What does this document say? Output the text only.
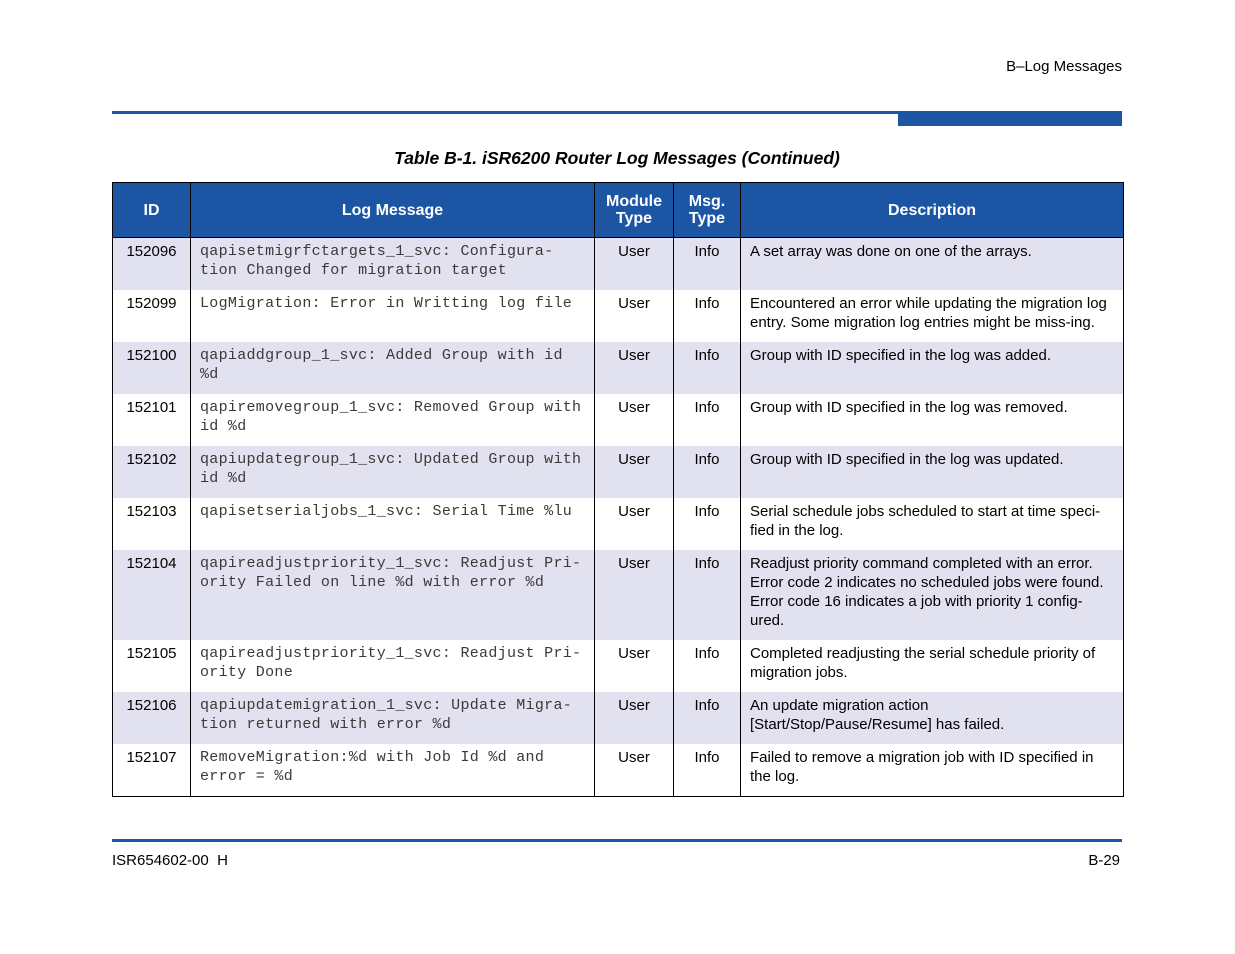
B–Log Messages
Table B-1. iSR6200 Router Log Messages (Continued)
ID	Log Message	Module Type	Msg. Type	Description
152096	qapisetmigrfctargets_1_svc: Configura-tion Changed for migration target	User	Info	A set array was done on one of the arrays.
152099	LogMigration: Error in Writting log file	User	Info	Encountered an error while updating the migration log entry. Some migration log entries might be miss-ing.
152100	qapiaddgroup_1_svc: Added Group with id %d	User	Info	Group with ID specified in the log was added.
152101	qapiremovegroup_1_svc: Removed Group with id %d	User	Info	Group with ID specified in the log was removed.
152102	qapiupdategroup_1_svc: Updated Group with id %d	User	Info	Group with ID specified in the log was updated.
152103	qapisetserialjobs_1_svc: Serial Time %lu	User	Info	Serial schedule jobs scheduled to start at time speci-fied in the log.
152104	qapireadjustpriority_1_svc: Readjust Pri-ority Failed on line %d with error %d	User	Info	Readjust priority command completed with an error. Error code 2 indicates no scheduled jobs were found. Error code 16 indicates a job with priority 1 config-ured.
152105	qapireadjustpriority_1_svc: Readjust Pri-ority Done	User	Info	Completed readjusting the serial schedule priority of migration jobs.
152106	qapiupdatemigration_1_svc: Update Migra-tion returned with error %d	User	Info	An update migration action [Start/Stop/Pause/Resume] has failed.
152107	RemoveMigration:%d with Job Id %d and error = %d	User	Info	Failed to remove a migration job with ID specified in the log.
ISR654602-00  H	B-29
